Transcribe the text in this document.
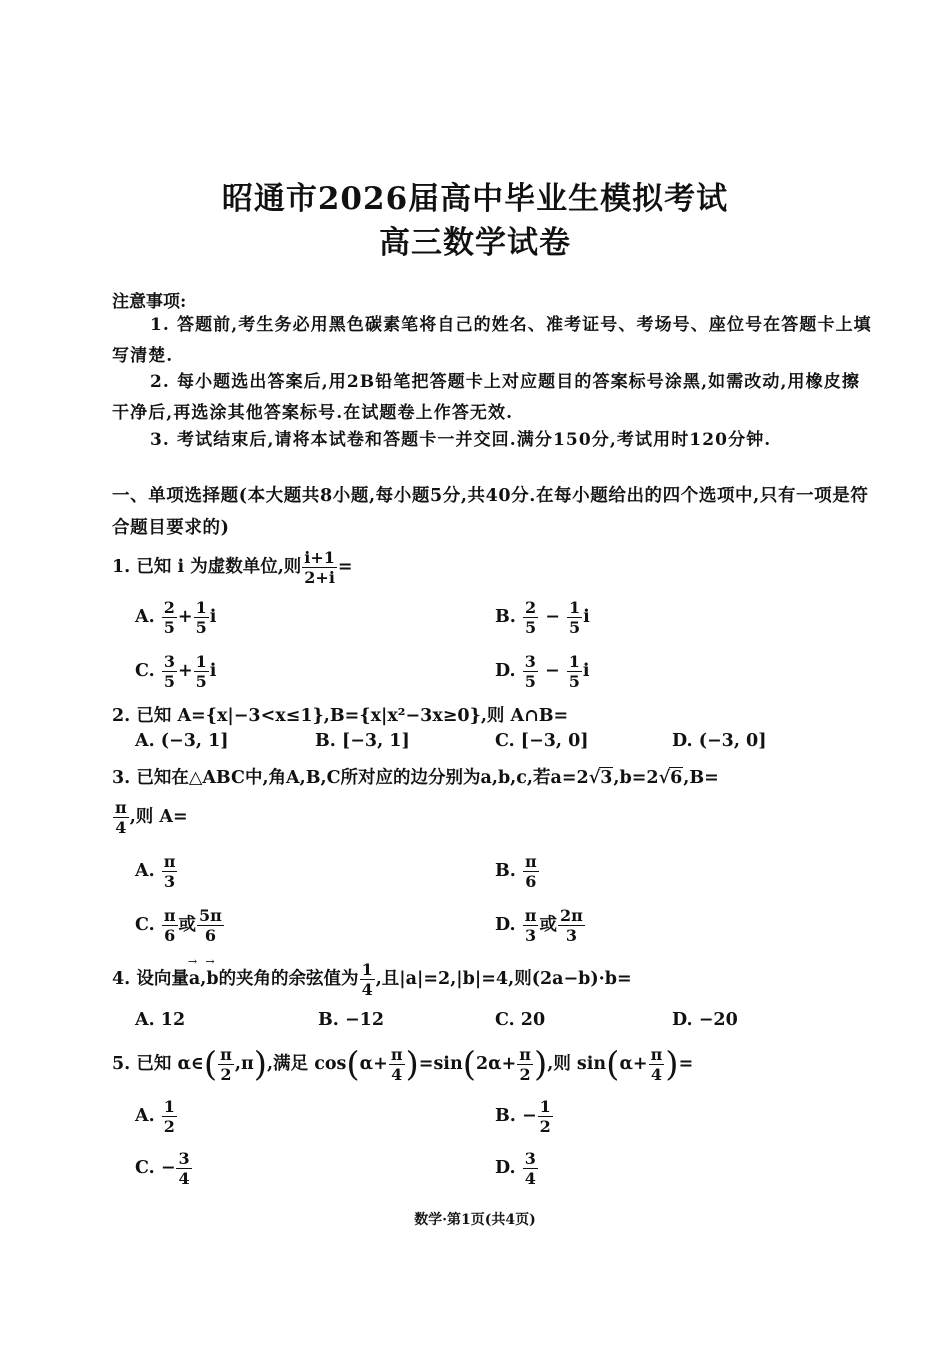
昭通市2026届高中毕业生模拟考试
高三数学试卷
注意事项:
1. 答题前,考生务必用黑色碳素笔将自己的姓名、准考证号、考场号、座位号在答题卡上填写清楚.
2. 每小题选出答案后,用2B铅笔把答题卡上对应题目的答案标号涂黑,如需改动,用橡皮擦干净后,再选涂其他答案标号.在试题卷上作答无效.
3. 考试结束后,请将本试卷和答题卡一并交回.满分150分,考试用时120分钟.
一、单项选择题(本大题共8小题,每小题5分,共40分.在每小题给出的四个选项中,只有一项是符合题目要求的)
1. 已知 i 为虚数单位,则 $\frac{i+1}{2+i}$ =
A. $\frac{2}{5} + \frac{1}{5}$ i	B. $\frac{2}{5} - \frac{1}{5}$ i
C. $\frac{3}{5} + \frac{1}{5}$ i	D. $\frac{3}{5} - \frac{1}{5}$ i
2. 已知 A={x|−3<x≤1},B={x|x²−3x≥0},则 A∩B=
A. (−3, 1]	B. [−3, 1]	C. [−3, 0]	D. (−3, 0]
3. 已知在△ABC中,角A,B,C所对应的边分别为a,b,c,若a=2√3,b=2√6,B=
$\frac{\pi}{4}$ ,则 A=
A. $\frac{\pi}{3}$	B. $\frac{\pi}{6}$
C. $\frac{\pi}{6}$ 或 $\frac{5\pi}{6}$	D. $\frac{\pi}{3}$ 或 $\frac{2\pi}{3}$
4. 设向量a →,b →的夹角的余弦值为 $\frac{1}{4}$ ,且|a|=2,|b|=4,则(2a−b)·b=
A. 12	B. −12	C. 20	D. −20
5. 已知 α∈( $\frac{\pi}{2} ,\pi$),满足 $\cos(\alpha+ \frac{\pi}{4} )=\sin(2\alpha+ \frac{\pi}{2}$ ),则 $\sin(\alpha+ \frac{\pi}{4}$ )=
A. $\frac{1}{2}$	B. − $\frac{1}{2}$
C. − $\frac{3}{4}$	D. $\frac{3}{4}$
数学·第1页(共4页)
